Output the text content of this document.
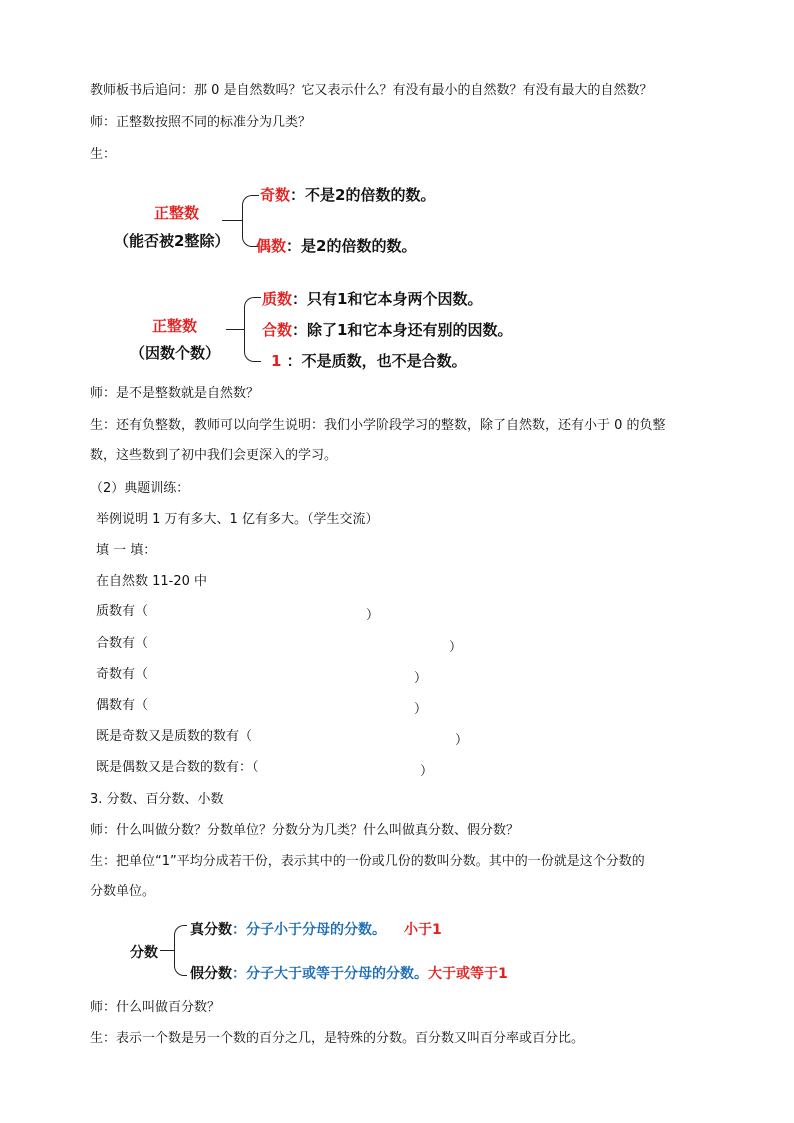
教师板书后追问：那 0 是自然数吗？它又表示什么？有没有最小的自然数？有没有最大的自然数？
师：正整数按照不同的标准分为几类？
生：
正整数
（能否被2整除）
奇数：不是2的倍数的数。
偶数：是2的倍数的数。
正整数
（因数个数）
质数：只有1和它本身两个因数。
合数：除了1和它本身还有别的因数。
1 ：不是质数，也不是合数。
师：是不是整数就是自然数？
生：还有负整数，教师可以向学生说明：我们小学阶段学习的整数，除了自然数，还有小于 0 的负整
数，这些数到了初中我们会更深入的学习。
（2）典题训练：
举例说明 1 万有多大、1 亿有多大。（学生交流）
填 一 填：
在自然数 11-20 中
质数有（	）
合数有（	）
奇数有（	）
偶数有（	）
既是奇数又是质数的数有（	）
既是偶数又是合数的数有：（	）
3. 分数、百分数、小数
师：什么叫做分数？分数单位？分数分为几类？什么叫做真分数、假分数？
生：把单位“1”平均分成若干份，表示其中的一份或几份的数叫分数。其中的一份就是这个分数的
分数单位。
分数
真分数：分子小于分母的分数。 小于1
假分数：分子大于或等于分母的分数。大于或等于1
师：什么叫做百分数？
生：表示一个数是另一个数的百分之几，是特殊的分数。百分数又叫百分率或百分比。
